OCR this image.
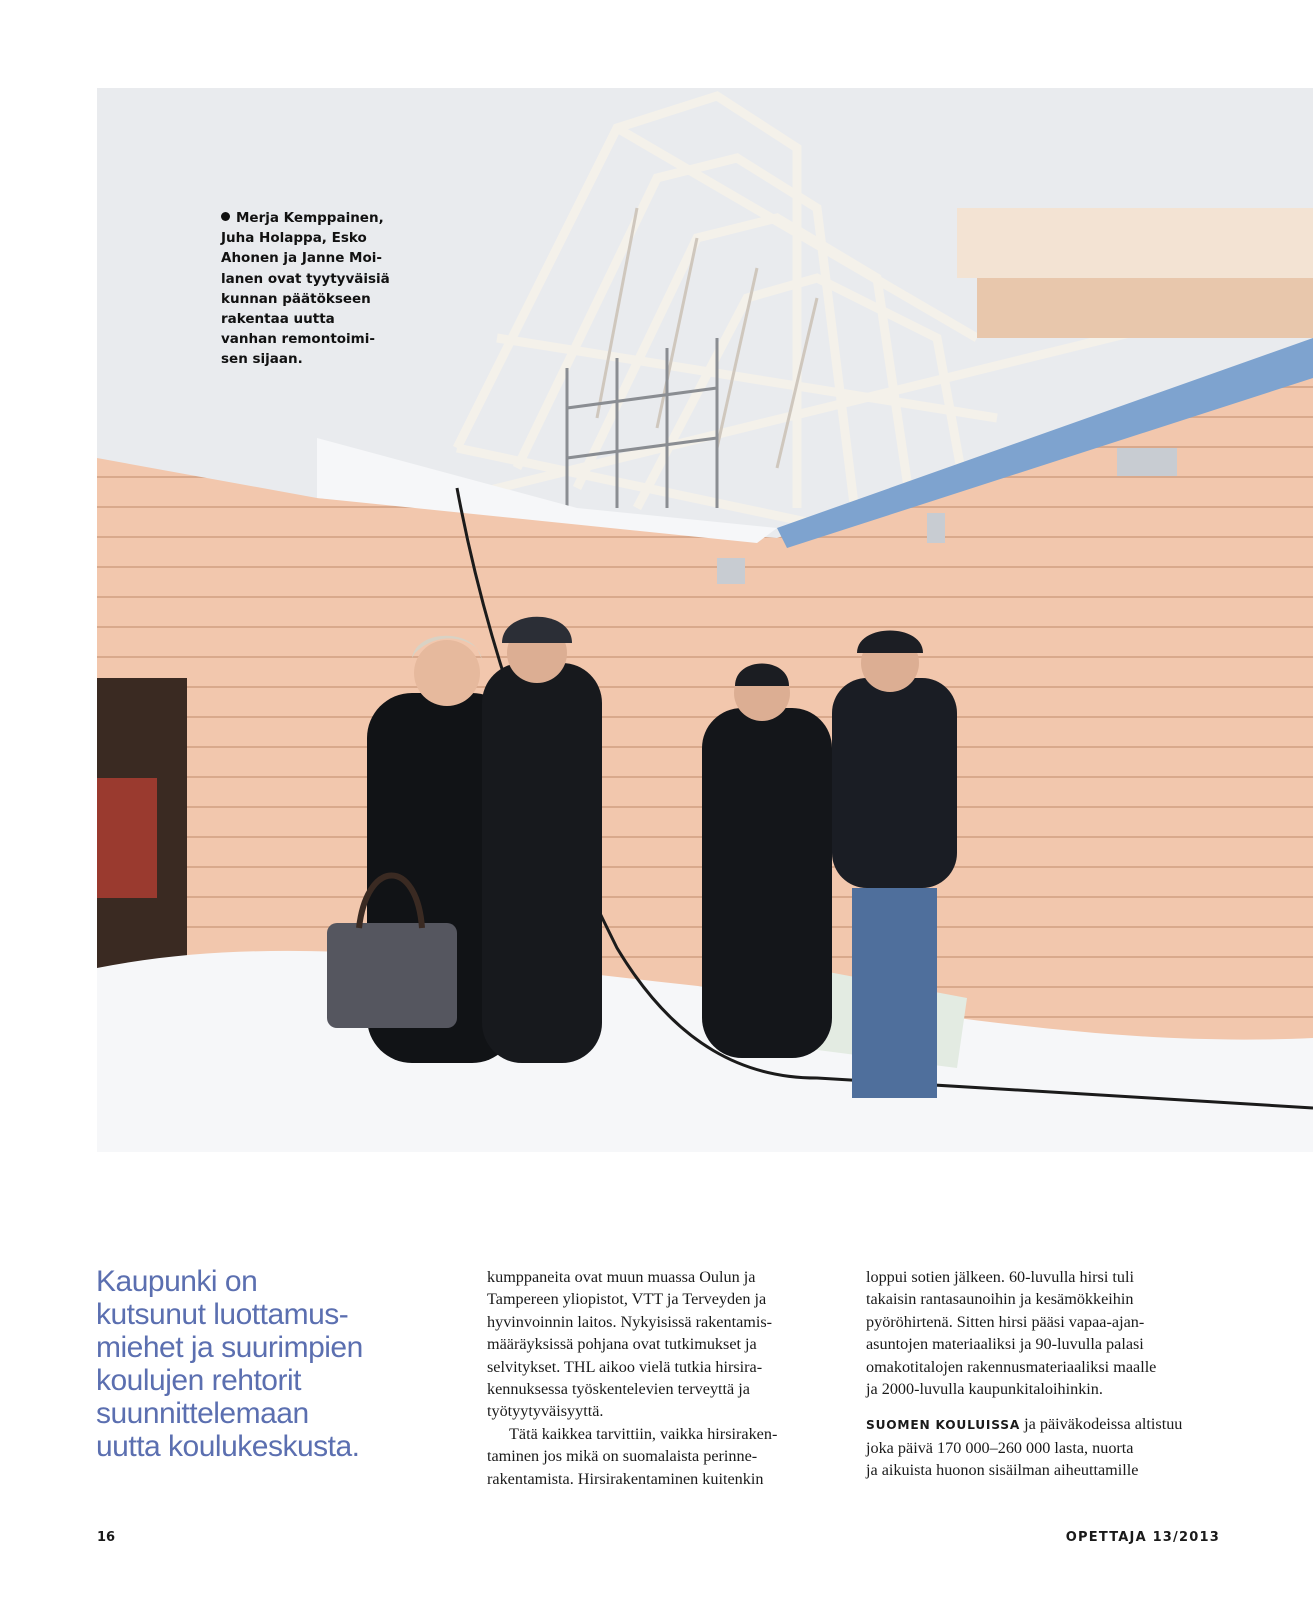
Merja Kemppainen,
Juha Holappa, Esko
Ahonen ja Janne Moi-
lanen ovat tyytyväisiä
kunnan päätökseen
rakentaa uutta
vanhan remontoimi-
sen sijaan.
Kaupunki on
kutsunut luottamus-
miehet ja suurimpien
koulujen rehtorit
suunnittelemaan
uutta koulukeskusta.

kumppaneita ovat muun muassa Oulun ja
Tampereen yliopistot, VTT ja Terveyden ja
hyvinvoinnin laitos. Nykyisissä rakentamis-
määräyksissä pohjana ovat tutkimukset ja
selvitykset. THL aikoo vielä tutkia hirsira-
kennuksessa työskentelevien terveyttä ja
työtyytyväisyyttä.

Tätä kaikkea tarvittiin, vaikka hirsiraken-
taminen jos mikä on suomalaista perinne-
rakentamista. Hirsirakentaminen kuitenkin

loppui sotien jälkeen. 60-luvulla hirsi tuli
takaisin rantasaunoihin ja kesämökkeihin
pyöröhirtenä. Sitten hirsi pääsi vapaa-ajan-
asuntojen materiaaliksi ja 90-luvulla palasi
omakotitalojen rakennusmateriaaliksi maalle
ja 2000-luvulla kaupunkitaloihinkin.

SUOMEN KOULUISSA ja päiväkodeissa altistuu
joka päivä 170 000–260 000 lasta, nuorta
ja aikuista huonon sisäilman aiheuttamille

16	OPETTAJA 13/2013
